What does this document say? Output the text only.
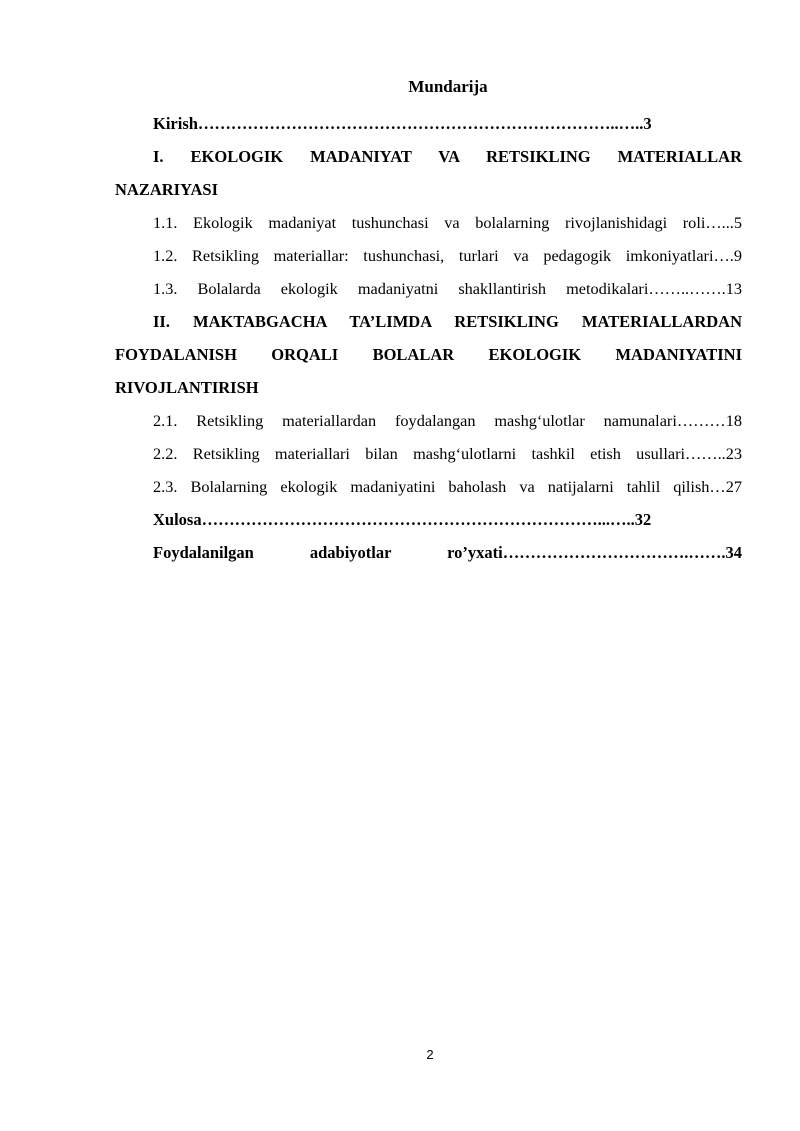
Mundarija
Kirish…………………………………………………………………..…..3
I. EKOLOGIK MADANIYAT VA RETSIKLING MATERIALLAR
NAZARIYASI
1.1. Ekologik madaniyat tushunchasi va bolalarning rivojlanishidagi roli…...5
1.2. Retsikling materiallar: tushunchasi, turlari va pedagogik imkoniyatlari….9
1.3. Bolalarda ekologik madaniyatni shakllantirish metodikalari……..…….13
II. MAKTABGACHA TA’LIMDA RETSIKLING MATERIALLARDAN
FOYDALANISH ORQALI BOLALAR EKOLOGIK MADANIYATINI
RIVOJLANTIRISH
2.1. Retsikling materiallardan foydalangan mashg‘ulotlar namunalari………18
2.2. Retsikling materiallari bilan mashg‘ulotlarni tashkil etish usullari……..23
2.3. Bolalarning ekologik madaniyatini baholash va natijalarni tahlil qilish…27
Xulosa………………………………………………………………...…..32
Foydalanilgan adabiyotlar ro’yxati…………………………….…….34
2
